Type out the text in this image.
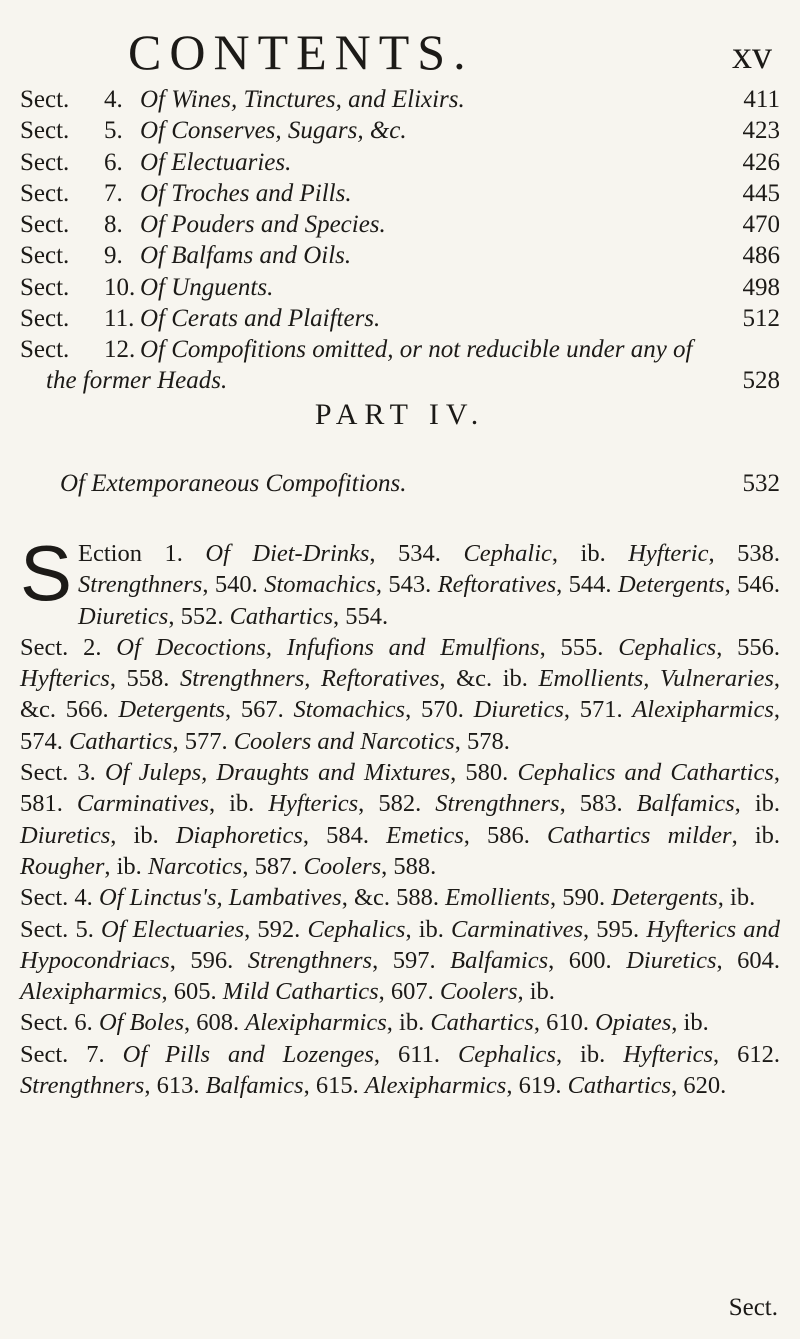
CONTENTS.	xv
Sect. 4. Of Wines, Tinctures, and Elixirs.	411
Sect. 5. Of Conserves, Sugars, &c.	423
Sect. 6. Of Electuaries.	426
Sect. 7. Of Troches and Pills.	445
Sect. 8. Of Pouders and Species.	470
Sect. 9. Of Balfams and Oils.	486
Sect. 10. Of Unguents.	498
Sect. 11. Of Cerats and Plaifters.	512
Sect. 12. Of Compofitions omitted, or not reducible under any of
the former Heads.	528
PART IV.
Of Extemporaneous Compofitions.	532
S Ection 1. Of Diet-Drinks, 534. Cephalic, ib. Hyfteric, 538. Strengthners, 540. Stomachics, 543. Reftoratives, 544. Detergents, 546. Diuretics, 552. Cathartics, 554.

Sect. 2. Of Decoctions, Infufions and Emulfions, 555. Cephalics, 556. Hyfterics, 558. Strengthners, Reftoratives, &c. ib. Emollients, Vulneraries, &c. 566. Detergents, 567. Stomachics, 570. Diuretics, 571. Alexipharmics, 574. Cathartics, 577. Coolers and Narcotics, 578.

Sect. 3. Of Juleps, Draughts and Mixtures, 580. Cephalics and Cathartics, 581. Carminatives, ib. Hyfterics, 582. Strengthners, 583. Balfamics, ib. Diuretics, ib. Diaphoretics, 584. Emetics, 586. Cathartics milder, ib. Rougher, ib. Narcotics, 587. Coolers, 588.

Sect. 4. Of Linctus's, Lambatives, &c. 588. Emollients, 590. Detergents, ib.

Sect. 5. Of Electuaries, 592. Cephalics, ib. Carminatives, 595. Hyfterics and Hypocondriacs, 596. Strengthners, 597. Balfamics, 600. Diuretics, 604. Alexipharmics, 605. Mild Cathartics, 607. Coolers, ib.

Sect. 6. Of Boles, 608. Alexipharmics, ib. Cathartics, 610. Opiates, ib.

Sect. 7. Of Pills and Lozenges, 611. Cephalics, ib. Hyfterics, 612. Strengthners, 613. Balfamics, 615. Alexipharmics, 619. Cathartics, 620.

Sect.
